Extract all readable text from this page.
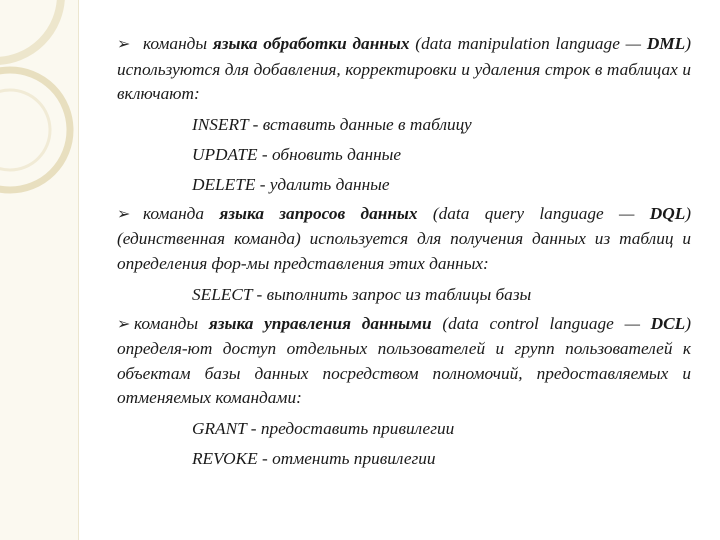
➢ команды языка обработки данных (data manipulation language — DML) используются для добавления, корректировки и удаления строк в таблицах и включают:

INSERT - вставить данные в таблицу

UPDATE - обновить данные

DELETE - удалить данные

➢ команда языка запросов данных (data query language — DQL) (единственная команда) используется для получения данных из таблиц и определения фор-мы представления этих данных:

SELECT - выполнить запрос из таблицы базы

➢ команды языка управления данными (data control language — DCL) определя-ют доступ отдельных пользователей и групп пользователей к объектам базы данных посредством полномочий, предоставляемых и отменяемых командами:

GRANT - предоставить привилегии

REVOKE - отменить привилегии
